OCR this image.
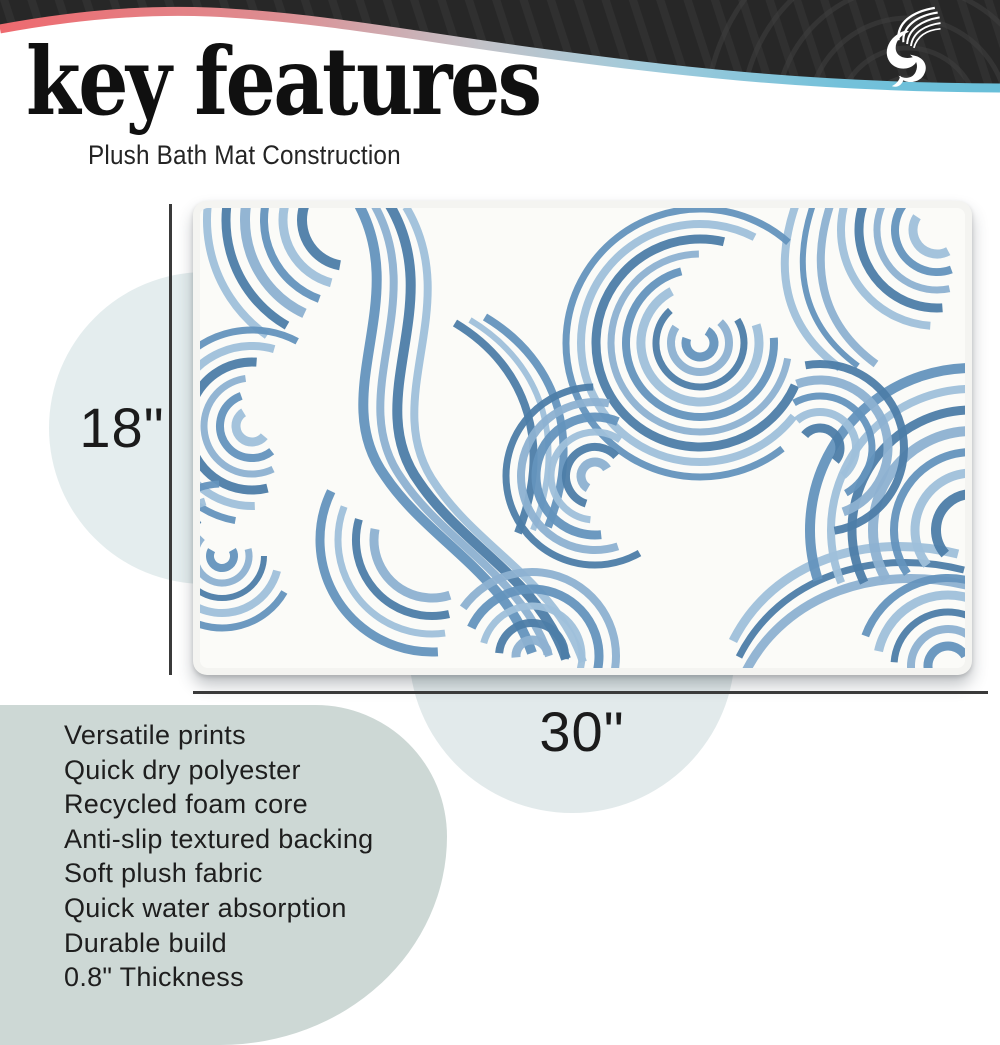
key features

Plush Bath Mat Construction

18"
30"
Versatile prints
Quick dry polyester
Recycled foam core
Anti-slip textured backing
Soft plush fabric
Quick water absorption
Durable build
0.8" Thickness
